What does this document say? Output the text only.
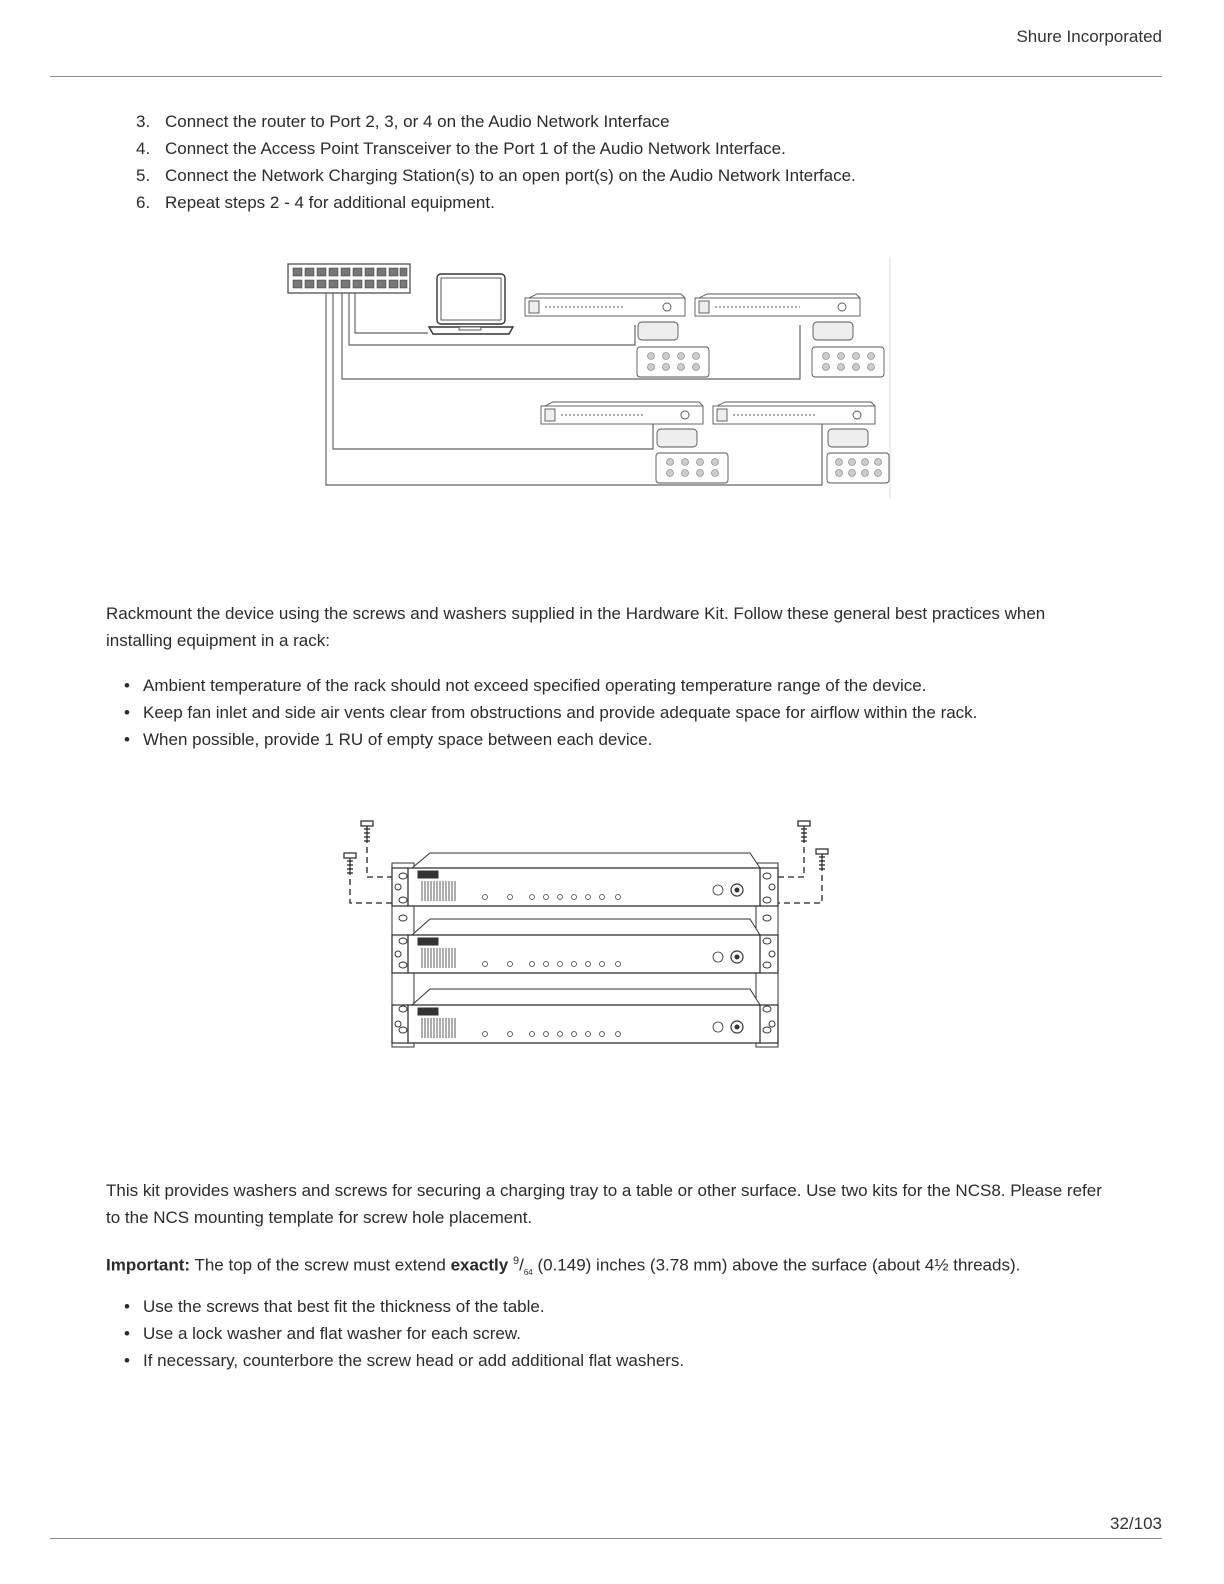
Shure Incorporated
3. Connect the router to Port 2, 3, or 4 on the Audio Network Interface
4. Connect the Access Point Transceiver to the Port 1 of the Audio Network Interface.
5. Connect the Network Charging Station(s) to an open port(s) on the Audio Network Interface.
6. Repeat steps 2 - 4 for additional equipment.

Rackmount the device using the screws and washers supplied in the Hardware Kit. Follow these general best practices when installing equipment in a rack:

• Ambient temperature of the rack should not exceed specified operating temperature range of the device.
• Keep fan inlet and side air vents clear from obstructions and provide adequate space for airflow within the rack.
• When possible, provide 1 RU of empty space between each device.

This kit provides washers and screws for securing a charging tray to a table or other surface. Use two kits for the NCS8. Please refer to the NCS mounting template for screw hole placement.

Important: The top of the screw must extend exactly $^9/_{64}$ (0.149) inches (3.78 mm) above the surface (about 4½ threads).

• Use the screws that best fit the thickness of the table.
• Use a lock washer and flat washer for each screw.
• If necessary, counterbore the screw head or add additional flat washers.
32/103
